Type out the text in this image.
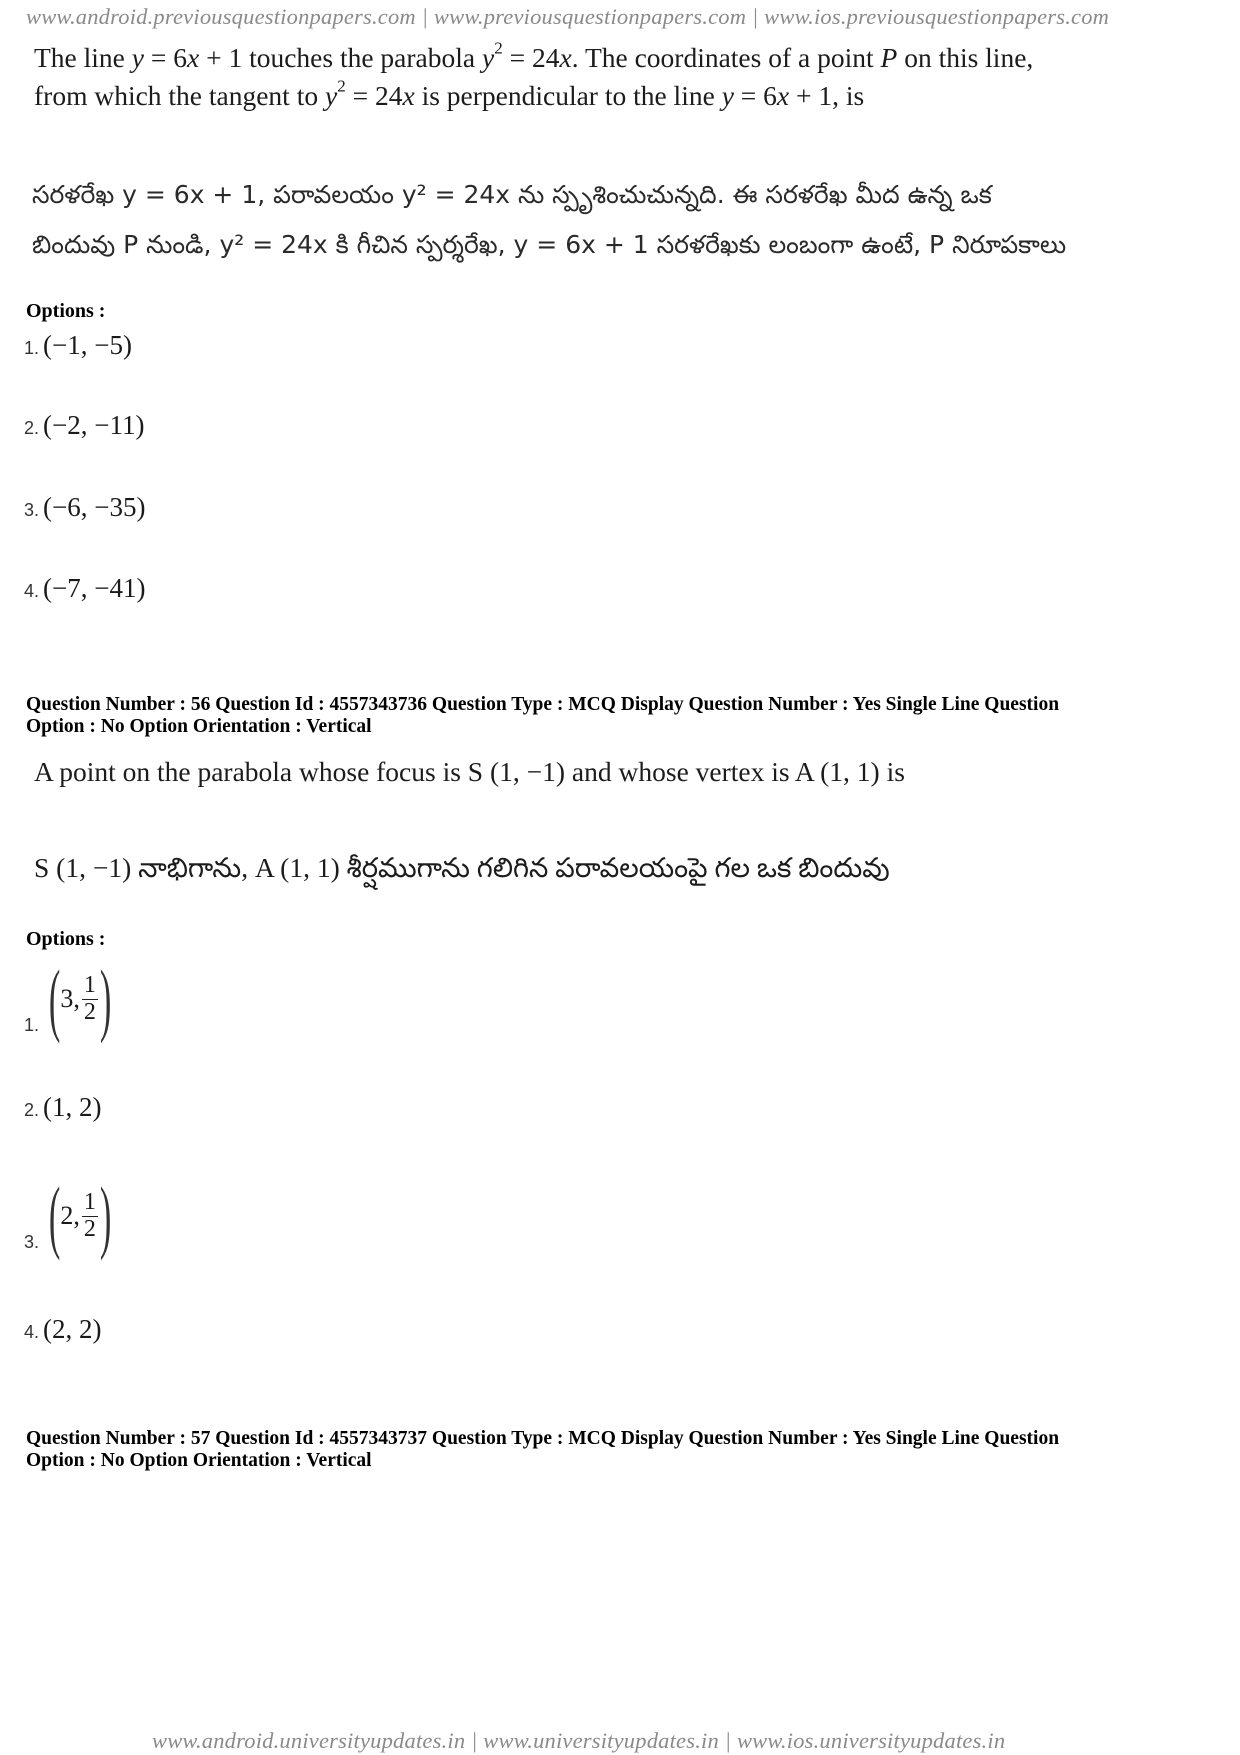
www.android.previousquestionpapers.com | www.previousquestionpapers.com | www.ios.previousquestionpapers.com
The line y = 6x + 1 touches the parabola $y^2 = 24x$. The coordinates of a point P on this line,
from which the tangent to $y^2 = 24x$ is perpendicular to the line y = 6x + 1, is
సరళరేఖ y = 6x + 1, పరావలయం y² = 24x ను స్పృశించుచున్నది. ఈ సరళరేఖ మీద ఉన్న ఒక
బిందువు P నుండి, y² = 24x కి గీచిన స్పర్శరేఖ, y = 6x + 1 సరళరేఖకు లంబంగా ఉంటే, P నిరూపకాలు
Options :
1. (−1, −5)
2. (−2, −11)
3. (−6, −35)
4. (−7, −41)
Question Number : 56 Question Id : 4557343736 Question Type : MCQ Display Question Number : Yes Single Line Question
Option : No Option Orientation : Vertical
A point on the parabola whose focus is S (1, −1) and whose vertex is A (1, 1) is
S (1, −1) నాభిగాను, A (1, 1) శీర్షముగాను గలిగిన పరావలయంపై గల ఒక బిందువు
Options :
1. ( 3, $\frac{1}{2}$ )
2. (1, 2)
3. ( 2, $\frac{1}{2}$ )
4. (2, 2)
Question Number : 57 Question Id : 4557343737 Question Type : MCQ Display Question Number : Yes Single Line Question
Option : No Option Orientation : Vertical
www.android.universityupdates.in | www.universityupdates.in | www.ios.universityupdates.in
